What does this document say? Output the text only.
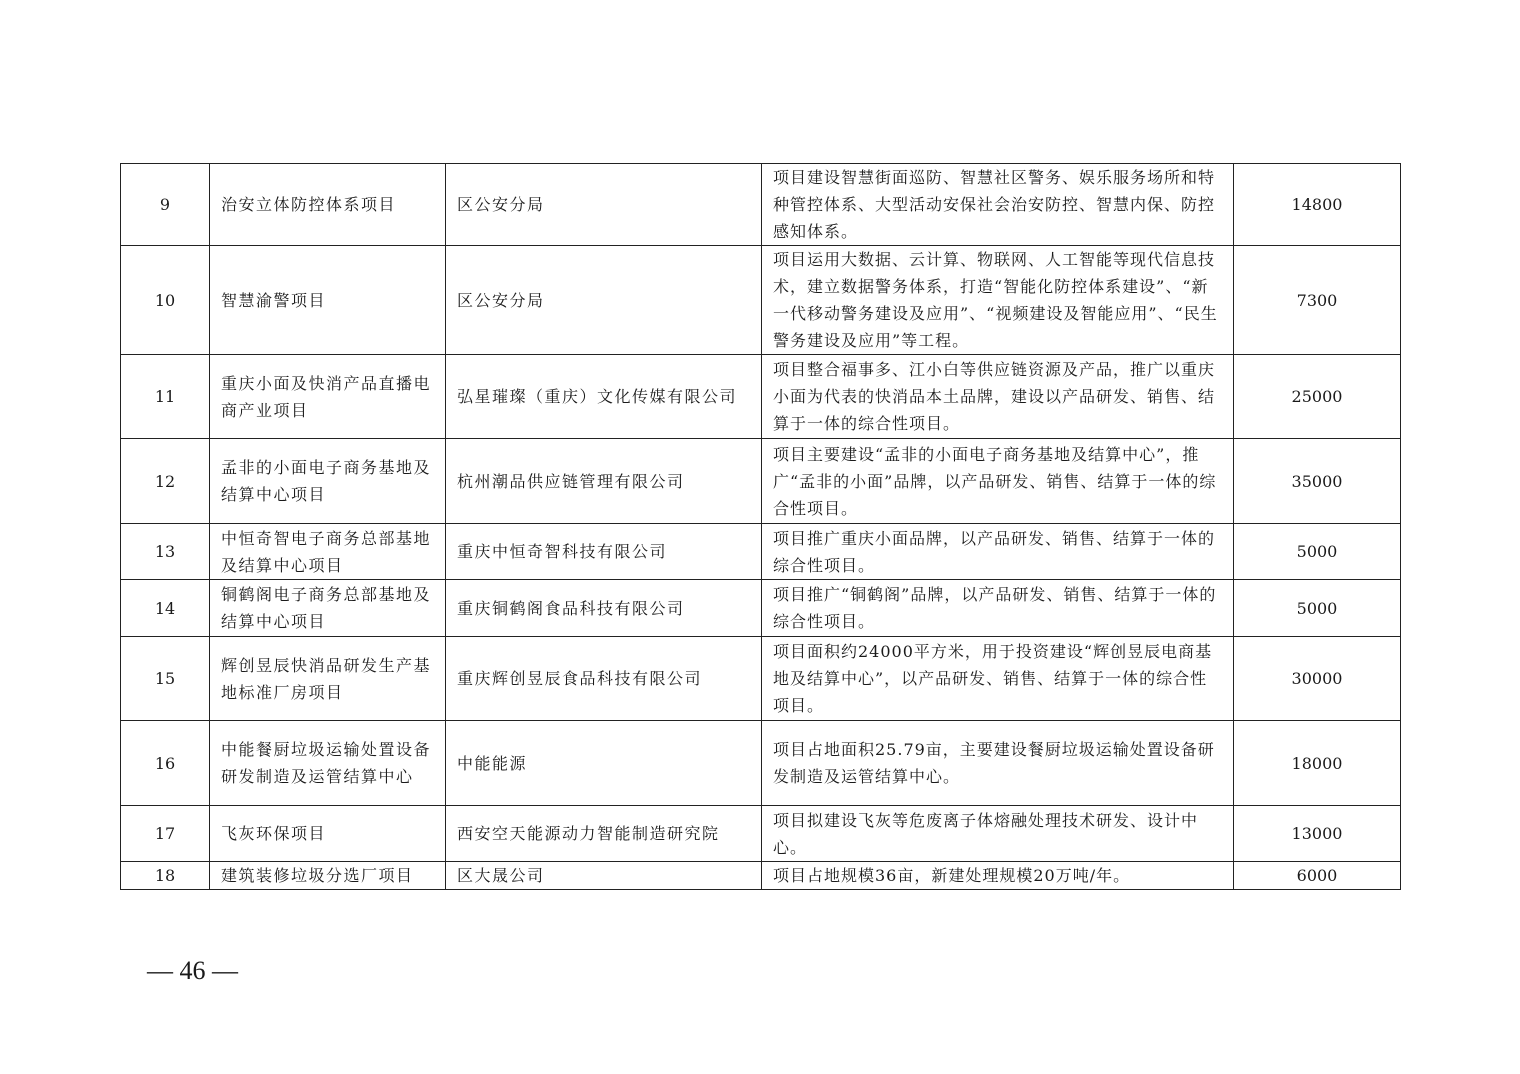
9	治安立体防控体系项目	区公安分局	项目建设智慧街面巡防、智慧社区警务、娱乐服务场所和特种管控体系、大型活动安保社会治安防控、智慧内保、防控感知体系。	14800
10	智慧渝警项目	区公安分局	项目运用大数据、云计算、物联网、人工智能等现代信息技术，建立数据警务体系，打造“智能化防控体系建设”、“新一代移动警务建设及应用”、“视频建设及智能应用”、“民生警务建设及应用”等工程。	7300
11	重庆小面及快消产品直播电商产业项目	弘星璀璨（重庆）文化传媒有限公司	项目整合福事多、江小白等供应链资源及产品，推广以重庆小面为代表的快消品本土品牌，建设以产品研发、销售、结算于一体的综合性项目。	25000
12	孟非的小面电子商务基地及结算中心项目	杭州潮品供应链管理有限公司	项目主要建设“孟非的小面电子商务基地及结算中心”，推广“孟非的小面”品牌，以产品研发、销售、结算于一体的综合性项目。	35000
13	中恒奇智电子商务总部基地及结算中心项目	重庆中恒奇智科技有限公司	项目推广重庆小面品牌，以产品研发、销售、结算于一体的综合性项目。	5000
14	铜鹤阁电子商务总部基地及结算中心项目	重庆铜鹤阁食品科技有限公司	项目推广“铜鹤阁”品牌，以产品研发、销售、结算于一体的综合性项目。	5000
15	辉创昱辰快消品研发生产基地标准厂房项目	重庆辉创昱辰食品科技有限公司	项目面积约24000平方米，用于投资建设“辉创昱辰电商基地及结算中心”，以产品研发、销售、结算于一体的综合性项目。	30000
16	中能餐厨垃圾运输处置设备研发制造及运管结算中心	中能能源	项目占地面积25.79亩，主要建设餐厨垃圾运输处置设备研发制造及运管结算中心。	18000
17	飞灰环保项目	西安空天能源动力智能制造研究院	项目拟建设飞灰等危废离子体熔融处理技术研发、设计中心。	13000
18	建筑装修垃圾分选厂项目	区大晟公司	项目占地规模36亩，新建处理规模20万吨/年。	6000
— 46 —
